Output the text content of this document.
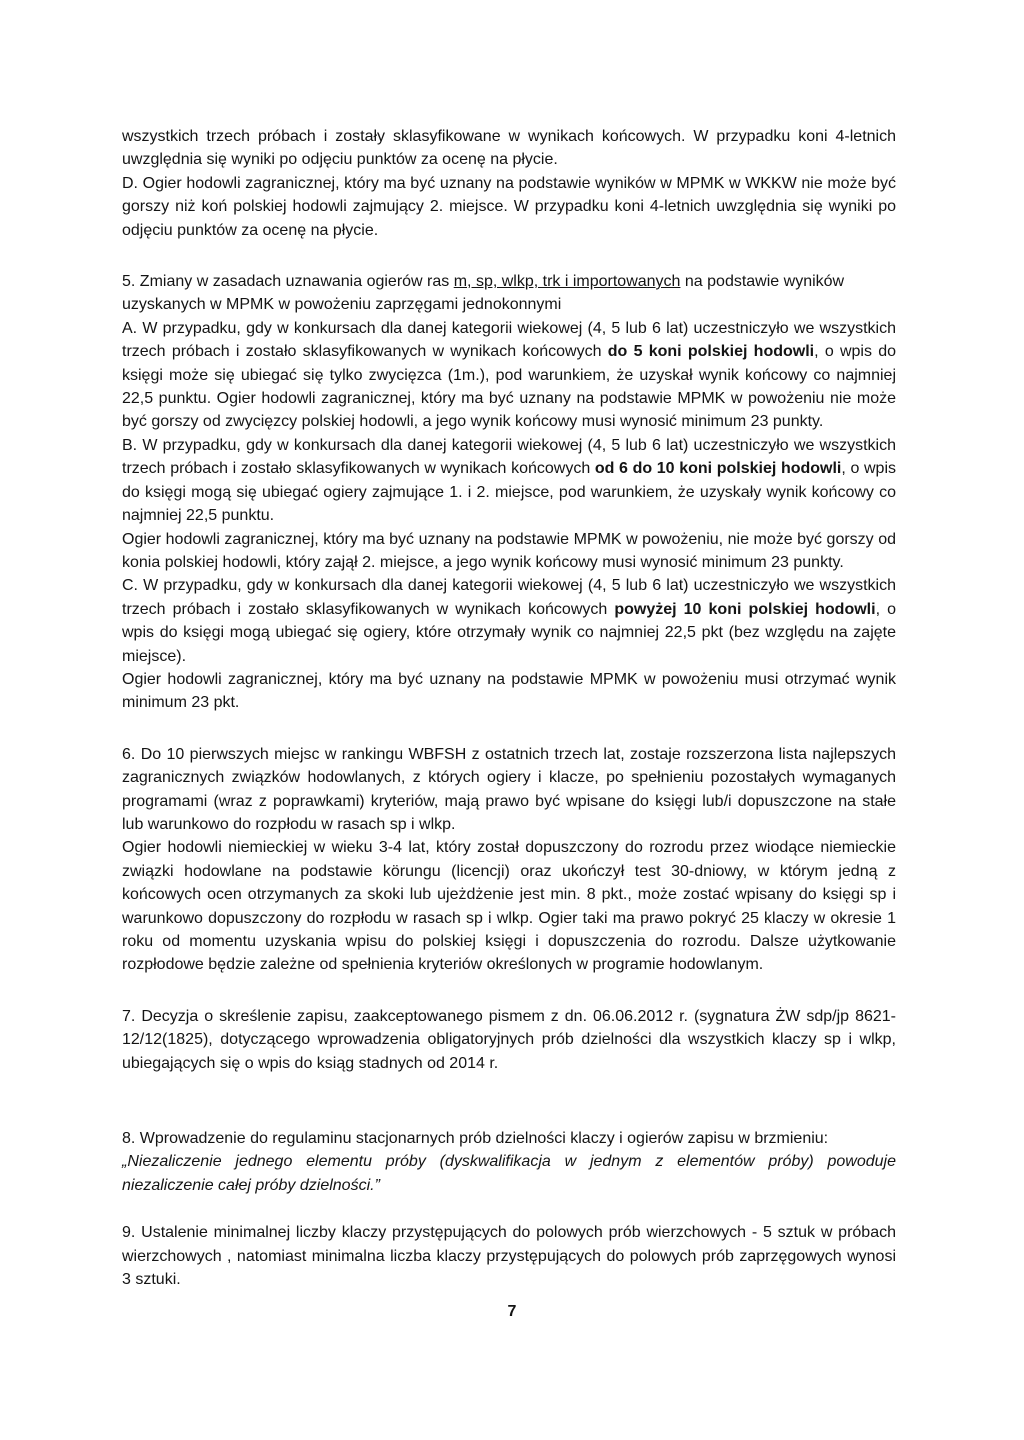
wszystkich trzech próbach i zostały sklasyfikowane w wynikach końcowych. W przypadku koni 4-letnich uwzględnia się wyniki po odjęciu punktów za ocenę na płycie.

D. Ogier hodowli zagranicznej, który ma być uznany na podstawie wyników w MPMK w WKKW nie może być gorszy niż koń polskiej hodowli zajmujący 2. miejsce. W przypadku koni 4-letnich uwzględnia się wyniki po odjęciu punktów za ocenę na płycie.

5. Zmiany w zasadach uznawania ogierów ras m, sp, wlkp, trk i importowanych na podstawie wyników uzyskanych w MPMK w powożeniu zaprzęgami jednokonnymi

A. W przypadku, gdy w konkursach dla danej kategorii wiekowej (4, 5 lub 6 lat) uczestniczyło we wszystkich trzech próbach i zostało sklasyfikowanych w wynikach końcowych do 5 koni polskiej hodowli, o wpis do księgi może się ubiegać się tylko zwycięzca (1m.), pod warunkiem, że uzyskał wynik końcowy co najmniej 22,5 punktu. Ogier hodowli zagranicznej, który ma być uznany na podstawie MPMK w powożeniu nie może być gorszy od zwycięzcy polskiej hodowli, a jego wynik końcowy musi wynosić minimum 23 punkty.

B. W przypadku, gdy w konkursach dla danej kategorii wiekowej (4, 5 lub 6 lat) uczestniczyło we wszystkich trzech próbach i zostało sklasyfikowanych w wynikach końcowych od 6 do 10 koni polskiej hodowli, o wpis do księgi mogą się ubiegać ogiery zajmujące 1. i 2. miejsce, pod warunkiem, że uzyskały wynik końcowy co najmniej 22,5 punktu.

Ogier hodowli zagranicznej, który ma być uznany na podstawie MPMK w powożeniu, nie może być gorszy od konia polskiej hodowli, który zajął 2. miejsce, a jego wynik końcowy musi wynosić minimum 23 punkty.

C. W przypadku, gdy w konkursach dla danej kategorii wiekowej (4, 5 lub 6 lat) uczestniczyło we wszystkich trzech próbach i zostało sklasyfikowanych w wynikach końcowych powyżej 10 koni polskiej hodowli, o wpis do księgi mogą ubiegać się ogiery, które otrzymały wynik co najmniej 22,5 pkt (bez względu na zajęte miejsce).

Ogier hodowli zagranicznej, który ma być uznany na podstawie MPMK w powożeniu musi otrzymać wynik minimum 23 pkt.

6. Do 10 pierwszych miejsc w rankingu WBFSH z ostatnich trzech lat, zostaje rozszerzona lista najlepszych zagranicznych związków hodowlanych, z których ogiery i klacze, po spełnieniu pozostałych wymaganych programami (wraz z poprawkami) kryteriów, mają prawo być wpisane do księgi lub/i dopuszczone na stałe lub warunkowo do rozpłodu w rasach sp i wlkp.

Ogier hodowli niemieckiej w wieku 3-4 lat, który został dopuszczony do rozrodu przez wiodące niemieckie związki hodowlane na podstawie körungu (licencji) oraz ukończył test 30-dniowy, w którym jedną z końcowych ocen otrzymanych za skoki lub ujeżdżenie jest min. 8 pkt., może zostać wpisany do księgi sp i warunkowo dopuszczony do rozpłodu w rasach sp i wlkp. Ogier taki ma prawo pokryć 25 klaczy w okresie 1 roku od momentu uzyskania wpisu do polskiej księgi i dopuszczenia do rozrodu. Dalsze użytkowanie rozpłodowe będzie zależne od spełnienia kryteriów określonych w programie hodowlanym.

7. Decyzja o skreślenie zapisu, zaakceptowanego pismem z dn. 06.06.2012 r. (sygnatura ŻW sdp/jp 8621-12/12(1825), dotyczącego wprowadzenia obligatoryjnych prób dzielności dla wszystkich klaczy sp i wlkp, ubiegających się o wpis do ksiąg stadnych od 2014 r.

8. Wprowadzenie do regulaminu stacjonarnych prób dzielności klaczy i ogierów zapisu w brzmieniu:

„Niezaliczenie jednego elementu próby (dyskwalifikacja w jednym z elementów próby) powoduje niezaliczenie całej próby dzielności.”

9. Ustalenie minimalnej liczby klaczy przystępujących do polowych prób wierzchowych - 5 sztuk w próbach wierzchowych , natomiast minimalna liczba klaczy przystępujących do polowych prób zaprzęgowych wynosi 3 sztuki.

7
